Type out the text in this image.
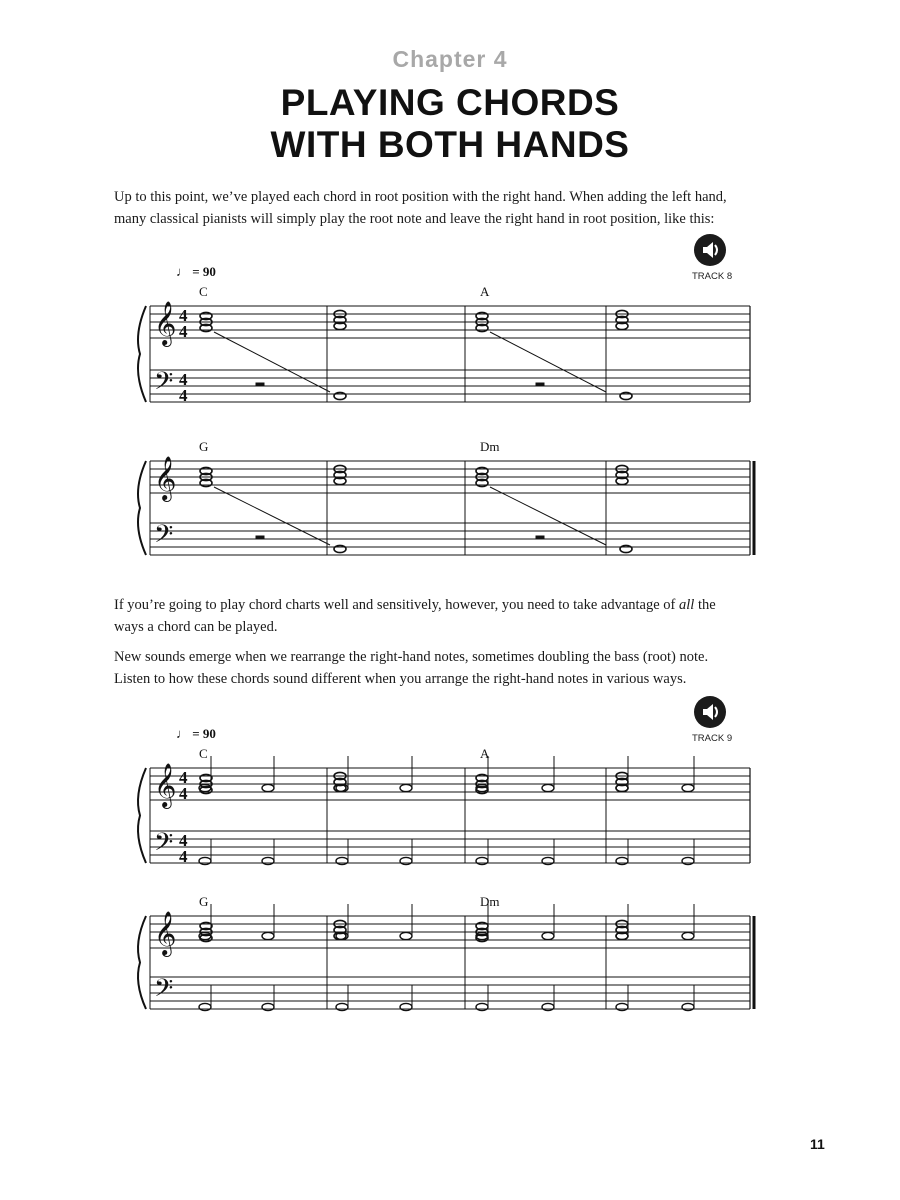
Chapter 4
PLAYING CHORDS
WITH BOTH HANDS
Up to this point, we’ve played each chord in root position with the right hand. When adding the left hand,
many classical pianists will simply play the root note and leave the right hand in root position, like this:
TRACK 8
♩ = 90
If you’re going to play chord charts well and sensitively, however, you need to take advantage of all the
ways a chord can be played.
New sounds emerge when we rearrange the right-hand notes, sometimes doubling the bass (root) note.
Listen to how these chords sound different when you arrange the right-hand notes in various ways.
TRACK 9
♩ = 90
11
𝄞
𝄢
4
4
4
4
𝄞
𝄢
𝄞
𝄢
4
4
4
4
𝄞
𝄢
C	A
G	Dm
C	A
G	Dm
